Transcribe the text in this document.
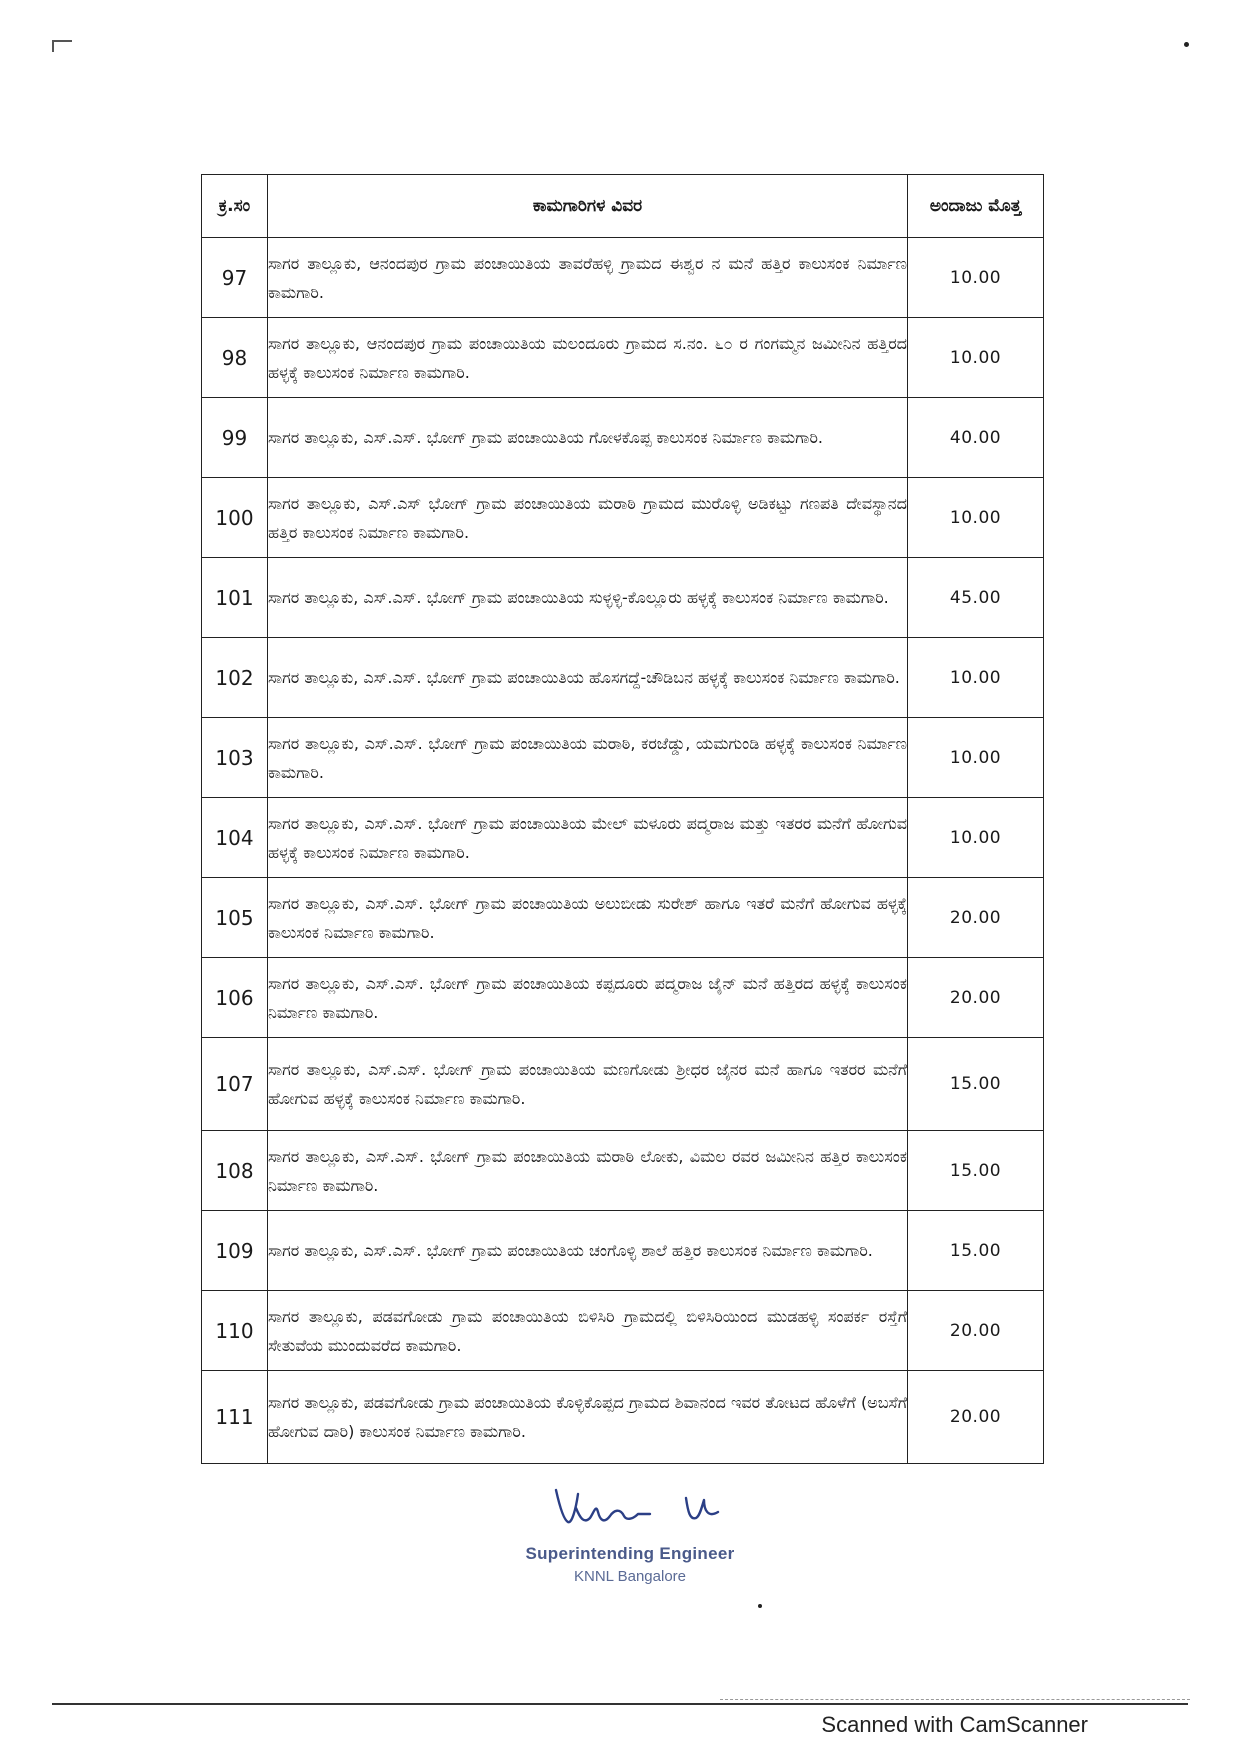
ಕ್ರ.ಸಂ	ಕಾಮಗಾರಿಗಳ ವಿವರ	ಅಂದಾಜು ಮೊತ್ತ
97	ಸಾಗರ ತಾಲ್ಲೂಕು, ಆನಂದಪುರ ಗ್ರಾಮ ಪಂಚಾಯಿತಿಯ ತಾವರೆಹಳ್ಳಿ ಗ್ರಾಮದ ಈಶ್ವರ ನ ಮನೆ ಹತ್ತಿರ ಕಾಲುಸಂಕ ನಿರ್ಮಾಣ ಕಾಮಗಾರಿ.	10.00
98	ಸಾಗರ ತಾಲ್ಲೂಕು, ಆನಂದಪುರ ಗ್ರಾಮ ಪಂಚಾಯಿತಿಯ ಮಲಂದೂರು ಗ್ರಾಮದ ಸ.ನಂ. ೬೦ ರ ಗಂಗಮ್ಮನ ಜಮೀನಿನ ಹತ್ತಿರದ ಹಳ್ಳಕ್ಕೆ ಕಾಲುಸಂಕ ನಿರ್ಮಾಣ ಕಾಮಗಾರಿ.	10.00
99	ಸಾಗರ ತಾಲ್ಲೂಕು, ಎಸ್.ಎಸ್. ಭೋಗ್ ಗ್ರಾಮ ಪಂಚಾಯಿತಿಯ ಗೋಳಕೊಪ್ಪ ಕಾಲುಸಂಕ ನಿರ್ಮಾಣ ಕಾಮಗಾರಿ.	40.00
100	ಸಾಗರ ತಾಲ್ಲೂಕು, ಎಸ್.ಎಸ್ ಭೋಗ್ ಗ್ರಾಮ ಪಂಚಾಯಿತಿಯ ಮರಾಠಿ ಗ್ರಾಮದ ಮುರೊಳ್ಳಿ ಅಡಿಕಟ್ಟು ಗಣಪತಿ ದೇವಸ್ಥಾನದ ಹತ್ತಿರ ಕಾಲುಸಂಕ ನಿರ್ಮಾಣ ಕಾಮಗಾರಿ.	10.00
101	ಸಾಗರ ತಾಲ್ಲೂಕು, ಎಸ್.ಎಸ್. ಭೋಗ್ ಗ್ರಾಮ ಪಂಚಾಯಿತಿಯ ಸುಳ್ಳಳ್ಳಿ-ಕೊಲ್ಲೂರು ಹಳ್ಳಕ್ಕೆ ಕಾಲುಸಂಕ ನಿರ್ಮಾಣ ಕಾಮಗಾರಿ.	45.00
102	ಸಾಗರ ತಾಲ್ಲೂಕು, ಎಸ್.ಎಸ್. ಭೋಗ್ ಗ್ರಾಮ ಪಂಚಾಯಿತಿಯ ಹೊಸಗದ್ದೆ-ಚೌಡಿಬನ ಹಳ್ಳಕ್ಕೆ ಕಾಲುಸಂಕ ನಿರ್ಮಾಣ ಕಾಮಗಾರಿ.	10.00
103	ಸಾಗರ ತಾಲ್ಲೂಕು, ಎಸ್.ಎಸ್. ಭೋಗ್ ಗ್ರಾಮ ಪಂಚಾಯಿತಿಯ ಮರಾಠಿ, ಕರಜೆಡ್ಡು, ಯಮಗುಂಡಿ ಹಳ್ಳಕ್ಕೆ ಕಾಲುಸಂಕ ನಿರ್ಮಾಣ ಕಾಮಗಾರಿ.	10.00
104	ಸಾಗರ ತಾಲ್ಲೂಕು, ಎಸ್.ಎಸ್. ಭೋಗ್ ಗ್ರಾಮ ಪಂಚಾಯಿತಿಯ ಮೇಲ್ ಮಳೂರು ಪದ್ಮರಾಜ ಮತ್ತು ಇತರರ ಮನೆಗೆ ಹೋಗುವ ಹಳ್ಳಕ್ಕೆ ಕಾಲುಸಂಕ ನಿರ್ಮಾಣ ಕಾಮಗಾರಿ.	10.00
105	ಸಾಗರ ತಾಲ್ಲೂಕು, ಎಸ್.ಎಸ್. ಭೋಗ್ ಗ್ರಾಮ ಪಂಚಾಯಿತಿಯ ಅಲುಬೀಡು ಸುರೇಶ್ ಹಾಗೂ ಇತರೆ ಮನೆಗೆ ಹೋಗುವ ಹಳ್ಳಕ್ಕೆ ಕಾಲುಸಂಕ ನಿರ್ಮಾಣ ಕಾಮಗಾರಿ.	20.00
106	ಸಾಗರ ತಾಲ್ಲೂಕು, ಎಸ್.ಎಸ್. ಭೋಗ್ ಗ್ರಾಮ ಪಂಚಾಯಿತಿಯ ಕಪ್ಪದೂರು ಪದ್ಮರಾಜ ಜೈನ್ ಮನೆ ಹತ್ತಿರದ ಹಳ್ಳಕ್ಕೆ ಕಾಲುಸಂಕ ನಿರ್ಮಾಣ ಕಾಮಗಾರಿ.	20.00
107	ಸಾಗರ ತಾಲ್ಲೂಕು, ಎಸ್.ಎಸ್. ಭೋಗ್ ಗ್ರಾಮ ಪಂಚಾಯಿತಿಯ ಮಣಗೋಡು ಶ್ರೀಧರ ಜೈನರ ಮನೆ ಹಾಗೂ ಇತರರ ಮನೆಗೆ ಹೋಗುವ ಹಳ್ಳಕ್ಕೆ ಕಾಲುಸಂಕ ನಿರ್ಮಾಣ ಕಾಮಗಾರಿ.	15.00
108	ಸಾಗರ ತಾಲ್ಲೂಕು, ಎಸ್.ಎಸ್. ಭೋಗ್ ಗ್ರಾಮ ಪಂಚಾಯಿತಿಯ ಮರಾಠಿ ಲೋಕು, ವಿಮಲ ರವರ ಜಮೀನಿನ ಹತ್ತಿರ ಕಾಲುಸಂಕ ನಿರ್ಮಾಣ ಕಾಮಗಾರಿ.	15.00
109	ಸಾಗರ ತಾಲ್ಲೂಕು, ಎಸ್.ಎಸ್. ಭೋಗ್ ಗ್ರಾಮ ಪಂಚಾಯಿತಿಯ ಚಂಗೊಳ್ಳಿ ಶಾಲೆ ಹತ್ತಿರ ಕಾಲುಸಂಕ ನಿರ್ಮಾಣ ಕಾಮಗಾರಿ.	15.00
110	ಸಾಗರ ತಾಲ್ಲೂಕು, ಪಡವಗೋಡು ಗ್ರಾಮ ಪಂಚಾಯಿತಿಯ ಬಿಳಿಸಿರಿ ಗ್ರಾಮದಲ್ಲಿ ಬಿಳಿಸಿರಿಯಿಂದ ಮುಡಹಳ್ಳಿ ಸಂಪರ್ಕ ರಸ್ತೆಗೆ ಸೇತುವೆಯ ಮುಂದುವರೆದ ಕಾಮಗಾರಿ.	20.00
111	ಸಾಗರ ತಾಲ್ಲೂಕು, ಪಡವಗೋಡು ಗ್ರಾಮ ಪಂಚಾಯಿತಿಯ ಕೊಳ್ಳಿಕೊಪ್ಪದ ಗ್ರಾಮದ ಶಿವಾನಂದ ಇವರ ತೋಟದ ಹೊಳೆಗೆ (ಅಬಸೆಗೆ ಹೋಗುವ ದಾರಿ) ಕಾಲುಸಂಕ ನಿರ್ಮಾಣ ಕಾಮಗಾರಿ.	20.00
Superintending Engineer
KNNL Bangalore
Scanned with CamScanner
